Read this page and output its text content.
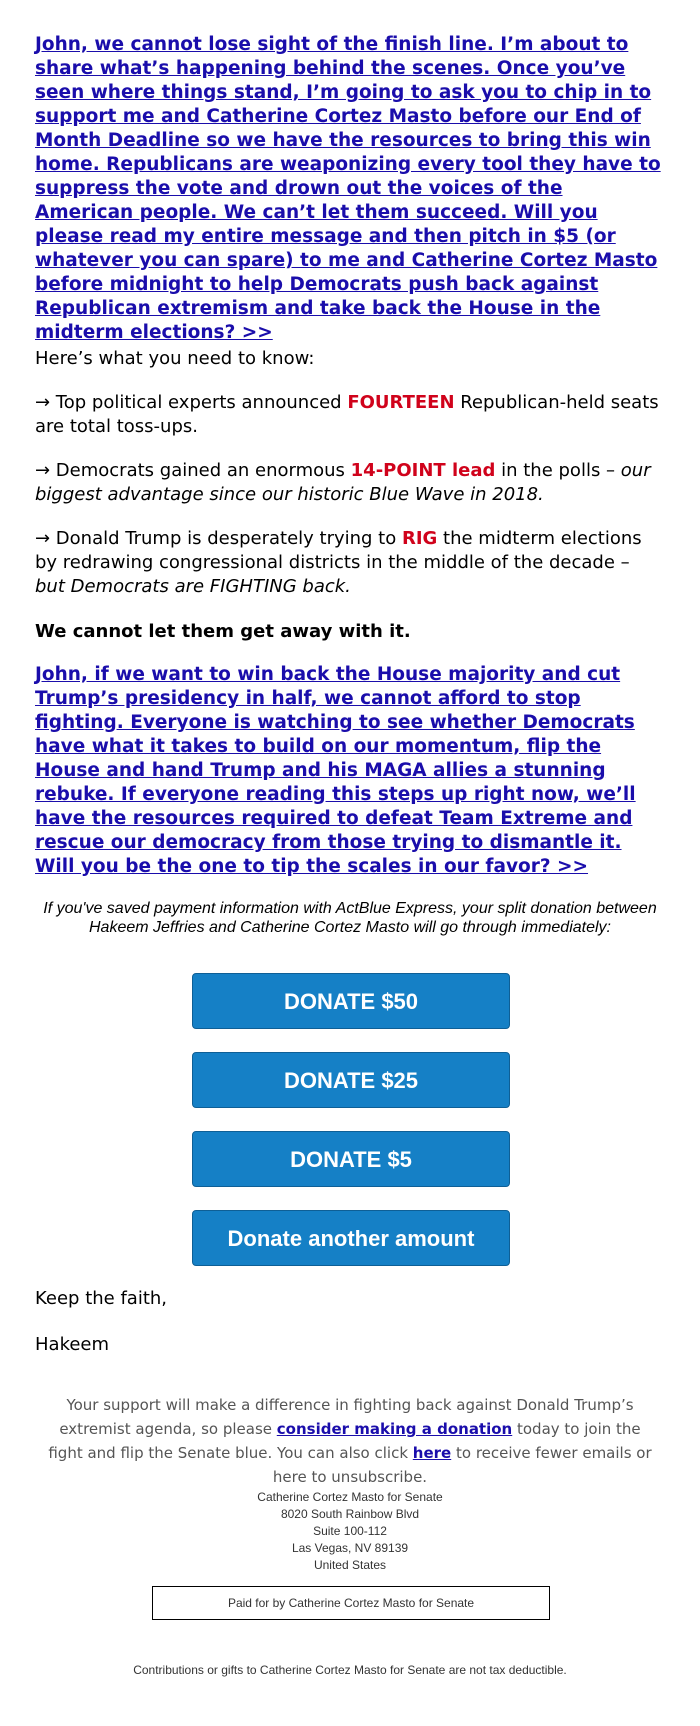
John, we cannot lose sight of the finish line. I’m about to share what’s happening behind the scenes. Once you’ve seen where things stand, I’m going to ask you to chip in to support me and Catherine Cortez Masto before our End of Month Deadline so we have the resources to bring this win home. Republicans are weaponizing every tool they have to suppress the vote and drown out the voices of the American people. We can’t let them succeed. Will you please read my entire message and then pitch in $5 (or whatever you can spare) to me and Catherine Cortez Masto before midnight to help Democrats push back against Republican extremism and take back the House in the midterm elections? >>
Here’s what you need to know:
→ Top political experts announced FOURTEEN Republican-held seats are total toss-ups.
→ Democrats gained an enormous 14-POINT lead in the polls – our biggest advantage since our historic Blue Wave in 2018.
→ Donald Trump is desperately trying to RIG the midterm elections by redrawing congressional districts in the middle of the decade – but Democrats are FIGHTING back.
We cannot let them get away with it.
John, if we want to win back the House majority and cut Trump’s presidency in half, we cannot afford to stop fighting. Everyone is watching to see whether Democrats have what it takes to build on our momentum, flip the House and hand Trump and his MAGA allies a stunning rebuke. If everyone reading this steps up right now, we’ll have the resources required to defeat Team Extreme and rescue our democracy from those trying to dismantle it. Will you be the one to tip the scales in our favor? >>
If you've saved payment information with ActBlue Express, your split donation between Hakeem Jeffries and Catherine Cortez Masto will go through immediately:
DONATE $50
DONATE $25
DONATE $5
Donate another amount
Keep the faith,
Hakeem
Your support will make a difference in fighting back against Donald Trump’s extremist agenda, so please consider making a donation today to join the fight and flip the Senate blue. You can also click here to receive fewer emails or here to unsubscribe.
Catherine Cortez Masto for Senate
8020 South Rainbow Blvd
Suite 100-112
Las Vegas, NV 89139
United States
Paid for by Catherine Cortez Masto for Senate
Contributions or gifts to Catherine Cortez Masto for Senate are not tax deductible.
